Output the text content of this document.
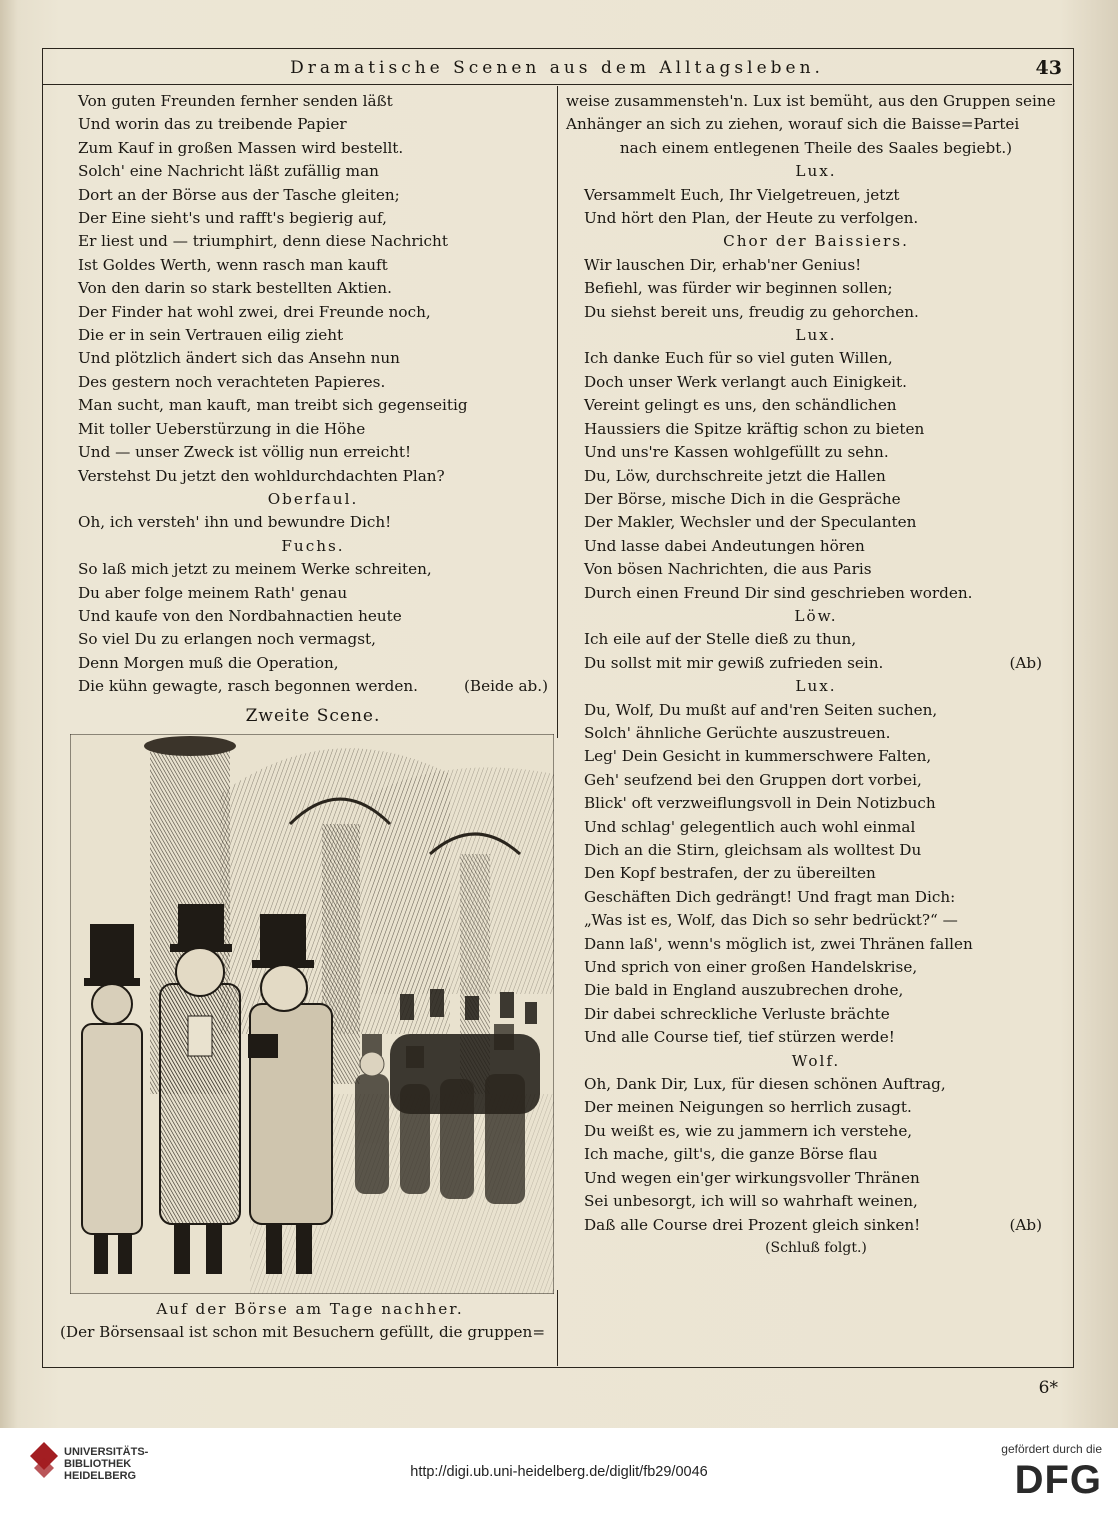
Dramatische Scenen aus dem Alltagsleben.	43

Von guten Freunden fernher senden läßt

Und worin das zu treibende Papier

Zum Kauf in großen Massen wird bestellt.

Solch' eine Nachricht läßt zufällig man

Dort an der Börse aus der Tasche gleiten;

Der Eine sieht's und rafft's begierig auf,

Er liest und — triumphirt, denn diese Nachricht

Ist Goldes Werth, wenn rasch man kauft

Von den darin so stark bestellten Aktien.

Der Finder hat wohl zwei, drei Freunde noch,

Die er in sein Vertrauen eilig zieht

Und plötzlich ändert sich das Ansehn nun

Des gestern noch verachteten Papieres.

Man sucht, man kauft, man treibt sich gegenseitig

Mit toller Ueberstürzung in die Höhe

Und — unser Zweck ist völlig nun erreicht!

Verstehst Du jetzt den wohldurchdachten Plan?

Oberfaul.

Oh, ich versteh' ihn und bewundre Dich!

Fuchs.

So laß mich jetzt zu meinem Werke schreiten,

Du aber folge meinem Rath' genau

Und kaufe von den Nordbahnactien heute

So viel Du zu erlangen noch vermagst,

Denn Morgen muß die Operation,

Die kühn gewagte, rasch begonnen werden.	(Beide ab.)

Zweite Scene.

Auf der Börse am Tage nachher.

(Der Börsensaal ist schon mit Besuchern gefüllt, die gruppen=

weise zusammensteh'n. Lux ist bemüht, aus den Gruppen seine

Anhänger an sich zu ziehen, worauf sich die Baisse=Partei

nach einem entlegenen Theile des Saales begiebt.)

Lux.

Versammelt Euch, Ihr Vielgetreuen, jetzt

Und hört den Plan, der Heute zu verfolgen.

Chor der Baissiers.

Wir lauschen Dir, erhab'ner Genius!

Befiehl, was fürder wir beginnen sollen;

Du siehst bereit uns, freudig zu gehorchen.

Lux.

Ich danke Euch für so viel guten Willen,

Doch unser Werk verlangt auch Einigkeit.

Vereint gelingt es uns, den schändlichen

Haussiers die Spitze kräftig schon zu bieten

Und uns're Kassen wohlgefüllt zu sehn.

Du, Löw, durchschreite jetzt die Hallen

Der Börse, mische Dich in die Gespräche

Der Makler, Wechsler und der Speculanten

Und lasse dabei Andeutungen hören

Von bösen Nachrichten, die aus Paris

Durch einen Freund Dir sind geschrieben worden.

Löw.

Ich eile auf der Stelle dieß zu thun,

Du sollst mit mir gewiß zufrieden sein.	(Ab)

Lux.

Du, Wolf, Du mußt auf and'ren Seiten suchen,

Solch' ähnliche Gerüchte auszustreuen.

Leg' Dein Gesicht in kummerschwere Falten,

Geh' seufzend bei den Gruppen dort vorbei,

Blick' oft verzweiflungsvoll in Dein Notizbuch

Und schlag' gelegentlich auch wohl einmal

Dich an die Stirn, gleichsam als wolltest Du

Den Kopf bestrafen, der zu übereilten

Geschäften Dich gedrängt! Und fragt man Dich:

„Was ist es, Wolf, das Dich so sehr bedrückt?“ —

Dann laß', wenn's möglich ist, zwei Thränen fallen

Und sprich von einer großen Handelskrise,

Die bald in England auszubrechen drohe,

Dir dabei schreckliche Verluste brächte

Und alle Course tief, tief stürzen werde!

Wolf.

Oh, Dank Dir, Lux, für diesen schönen Auftrag,

Der meinen Neigungen so herrlich zusagt.

Du weißt es, wie zu jammern ich verstehe,

Ich mache, gilt's, die ganze Börse flau

Und wegen ein'ger wirkungsvoller Thränen

Sei unbesorgt, ich will so wahrhaft weinen,

Daß alle Course drei Prozent gleich sinken!	(Ab)

(Schluß folgt.)

6*
UNIVERSITÄTS-
BIBLIOTHEK
HEIDELBERG	http://digi.ub.uni-heidelberg.de/diglit/fb29/0046
gefördert durch die
DFG
